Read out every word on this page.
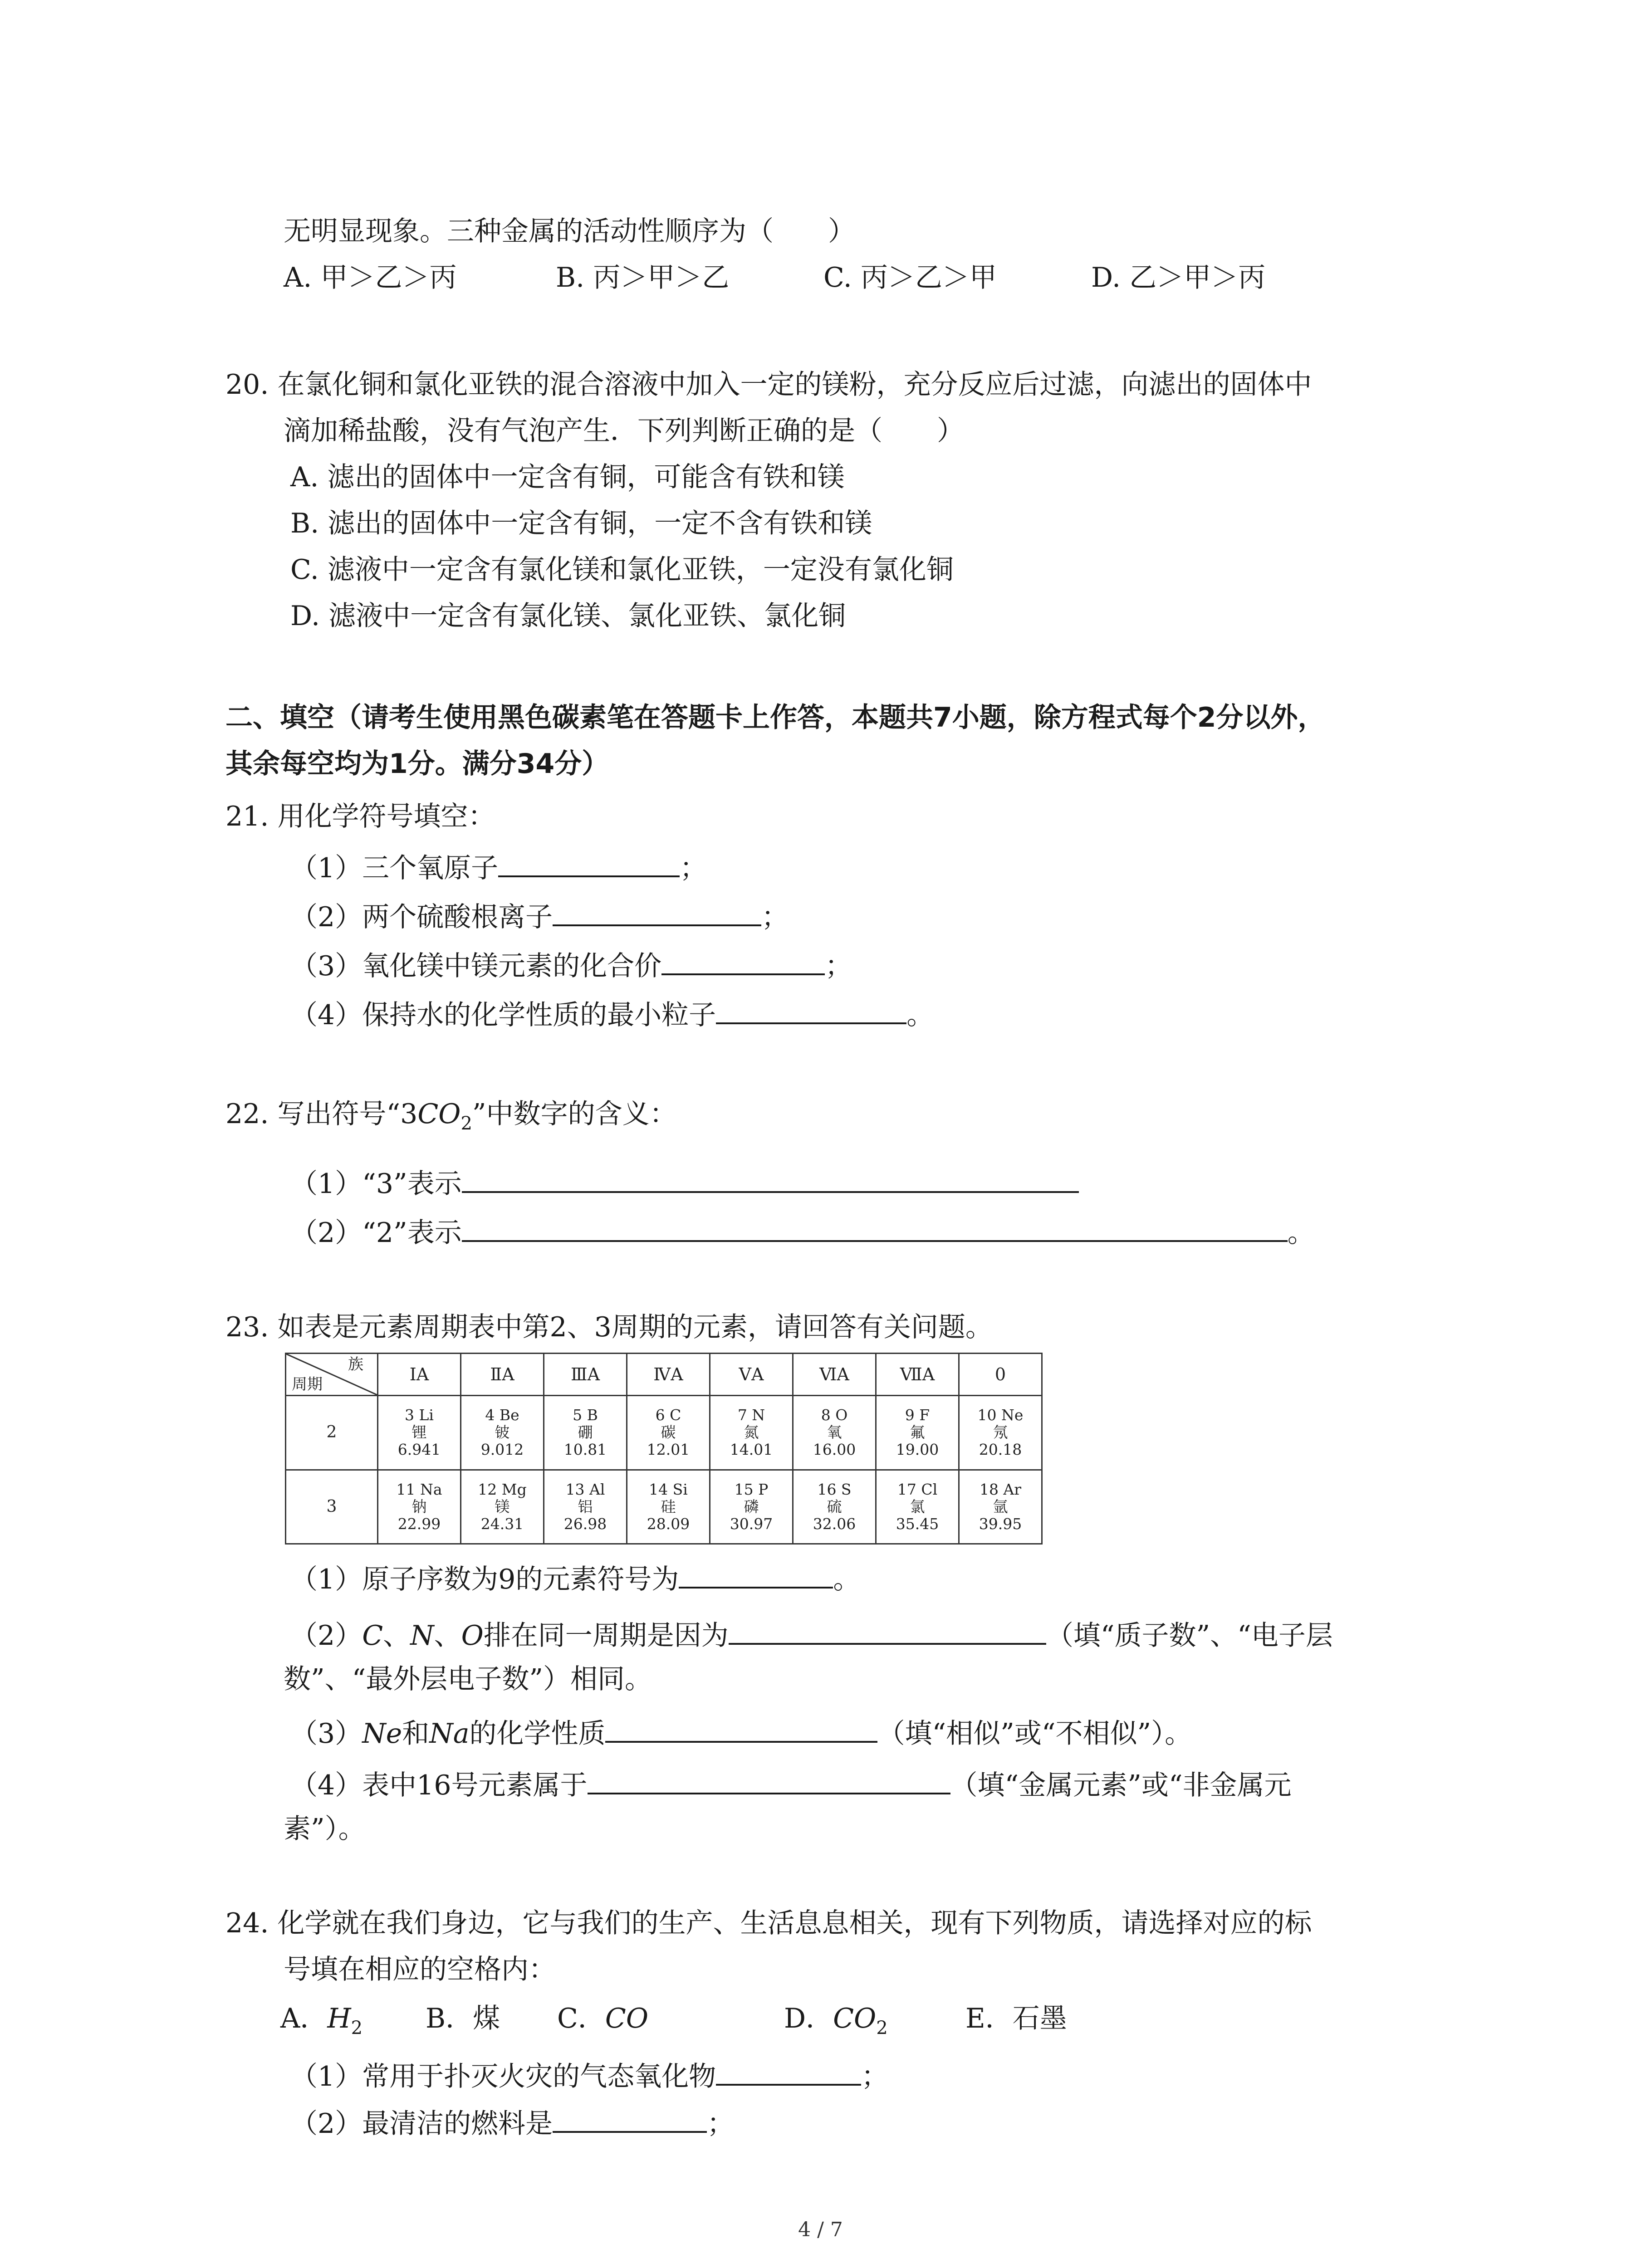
无明显现象。三种金属的活动性顺序为（　　）
A. 甲＞乙＞丙	B. 丙＞甲＞乙	C. 丙＞乙＞甲	D. 乙＞甲＞丙
20. 在氯化铜和氯化亚铁的混合溶液中加入一定的镁粉，充分反应后过滤，向滤出的固体中
滴加稀盐酸，没有气泡产生．下列判断正确的是（　　）
A. 滤出的固体中一定含有铜，可能含有铁和镁
B. 滤出的固体中一定含有铜，一定不含有铁和镁
C. 滤液中一定含有氯化镁和氯化亚铁，一定没有氯化铜
D. 滤液中一定含有氯化镁、氯化亚铁、氯化铜
二、填空（请考生使用黑色碳素笔在答题卡上作答，本题共7小题，除方程式每个2分以外，
其余每空均为1分。满分34分）
21. 用化学符号填空：
（1）三个氧原子	；
（2）两个硫酸根离子	；
（3）氧化镁中镁元素的化合价	；
（4）保持水的化学性质的最小粒子	。
22. 写出符号“$3CO_2$”中数字的含义：
（1）“3”表示
（2）“2”表示	。
23. 如表是元素周期表中第2、3周期的元素，请回答有关问题。
族
周期	ⅠA	ⅡA	ⅢA	ⅣA	ⅤA	ⅥA	ⅦA	0
2	3 Li
锂
6.941	4 Be
铍
9.012	5 B
硼
10.81	6 C
碳
12.01	7 N
氮
14.01	8 O
氧
16.00	9 F
氟
19.00	10 Ne
氖
20.18

3	11 Na
钠
22.99	12 Mg
镁
24.31	13 Al
铝
26.98	14 Si
硅
28.09	15 P
磷
30.97	16 S
硫
32.06	17 Cl
氯
35.45	18 Ar
氩
39.95
（1）原子序数为9的元素符号为	。
（2）C、N、O排在同一周期是因为	（填“质子数”、“电子层
数”、“最外层电子数”）相同。
（3）Ne和Na的化学性质	（填“相似”或“不相似”）。
（4）表中16号元素属于	（填“金属元素”或“非金属元
素”）。
24. 化学就在我们身边，它与我们的生产、生活息息相关，现有下列物质，请选择对应的标
号填在相应的空格内：
A．$H_2$ B．煤 C．CO	D．$CO_2$	E．石墨
（1）常用于扑灭火灾的气态氧化物	；
（2）最清洁的燃料是	；
4 / 7
